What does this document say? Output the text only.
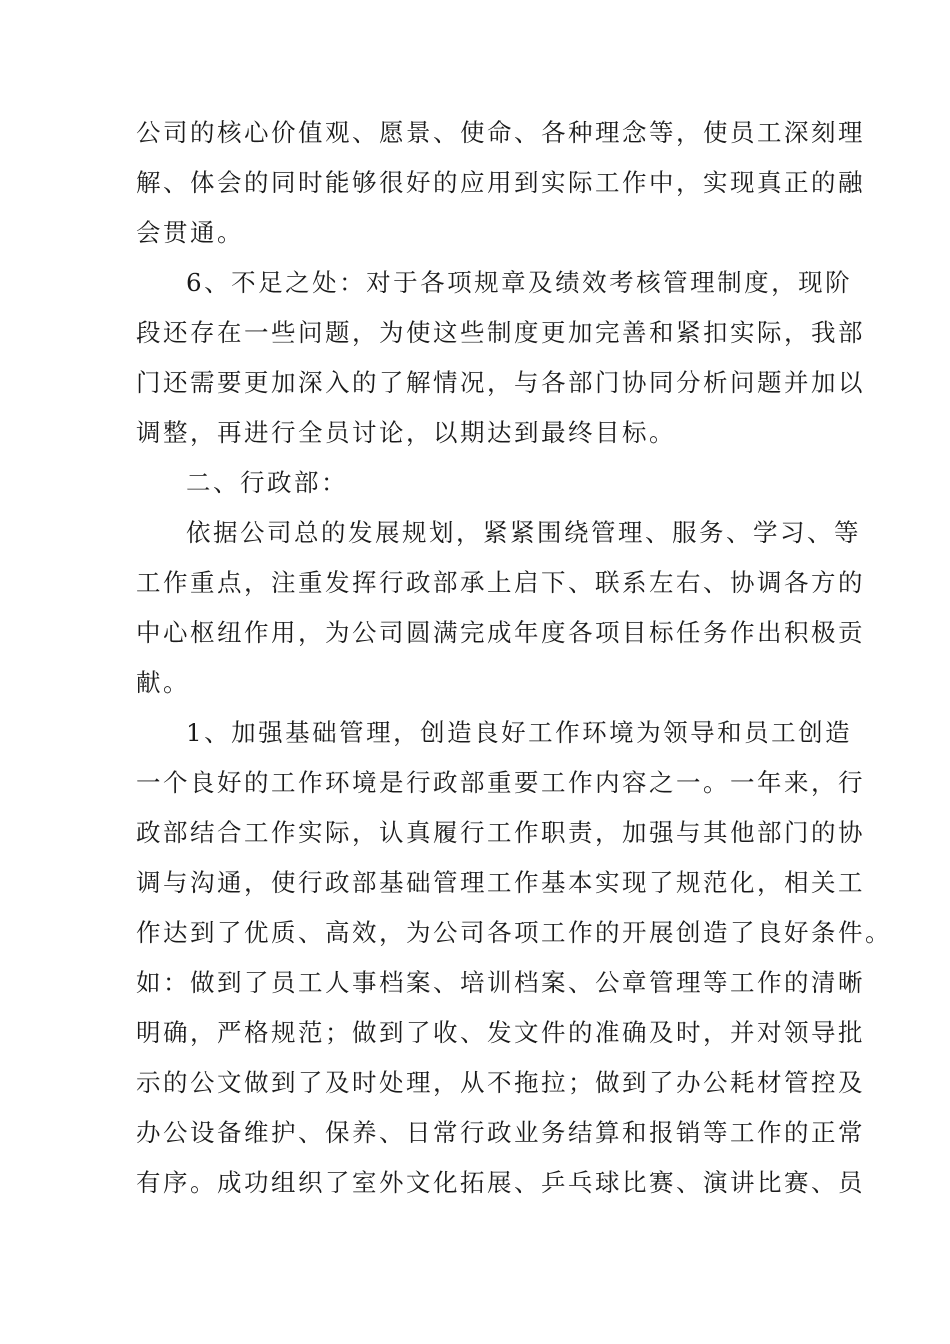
公司的核心价值观、愿景、使命、各种理念等，使员工深刻理
解、体会的同时能够很好的应用到实际工作中，实现真正的融
会贯通。
6、不足之处：对于各项规章及绩效考核管理制度，现阶
段还存在一些问题，为使这些制度更加完善和紧扣实际，我部
门还需要更加深入的了解情况，与各部门协同分析问题并加以
调整，再进行全员讨论，以期达到最终目标。
二、行政部：
依据公司总的发展规划，紧紧围绕管理、服务、学习、等
工作重点，注重发挥行政部承上启下、联系左右、协调各方的
中心枢纽作用，为公司圆满完成年度各项目标任务作出积极贡
献。
1、加强基础管理，创造良好工作环境为领导和员工创造
一个良好的工作环境是行政部重要工作内容之一。一年来，行
政部结合工作实际，认真履行工作职责，加强与其他部门的协
调与沟通，使行政部基础管理工作基本实现了规范化，相关工
作达到了优质、高效，为公司各项工作的开展创造了良好条件。
如：做到了员工人事档案、培训档案、公章管理等工作的清晰
明确，严格规范；做到了收、发文件的准确及时，并对领导批
示的公文做到了及时处理，从不拖拉；做到了办公耗材管控及
办公设备维护、保养、日常行政业务结算和报销等工作的正常
有序。成功组织了室外文化拓展、乒乓球比赛、演讲比赛、员
